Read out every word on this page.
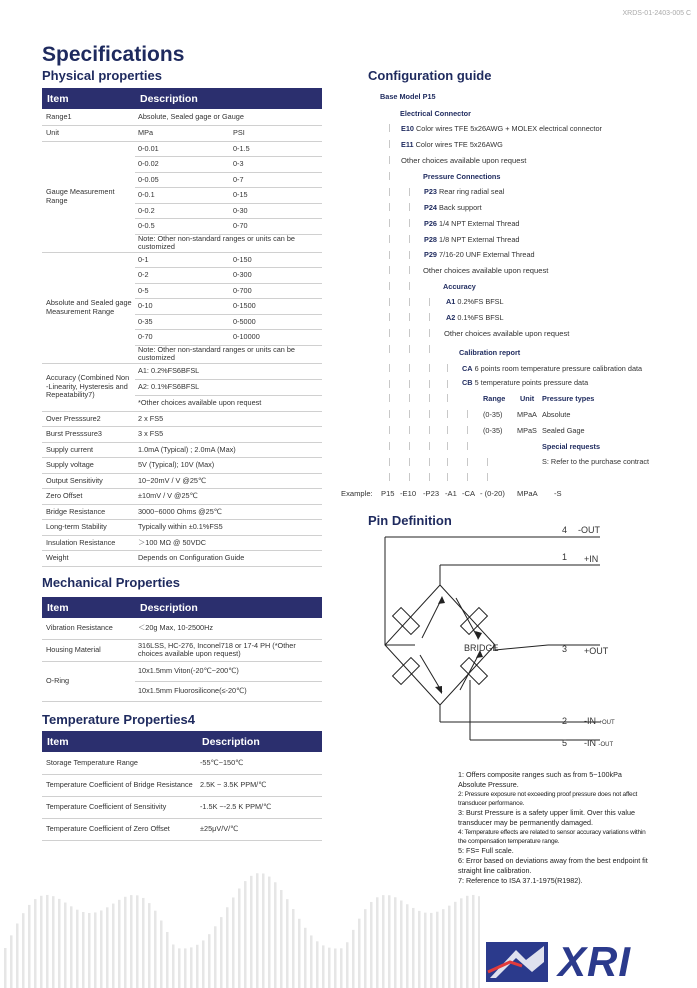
XRDS-01-2403-005 C
Specifications
Physical properties
Item	Description	
Range1	Absolute, Sealed gage or Gauge	
Unit	MPa	PSI
Gauge Measurement Range	0-0.01	0-1.5
	0-0.02	0-3
	0-0.05	0-7
	0-0.1	0-15
	0-0.2	0-30
	0-0.5	0-70
	Note: Other non-standard ranges or units can be customized	
Absolute and Sealed gage Measurement Range	0-1	0-150
	0-2	0-300
	0-5	0-700
	0-10	0-1500
	0-35	0-5000
	0-70	0-10000
	Note: Other non-standard ranges or units can be customized	
Accuracy (Combined Non -Linearity, Hysteresis and Repeatability7)	A1: 0.2%FS6BFSL	
	A2: 0.1%FS6BFSL	
	*Other choices available upon request	
Over Presssure2	2 x FS5	
Burst Presssure3	3 x FS5	
Supply current	1.0mA (Typical) ; 2.0mA (Max)	
Supply voltage	5V (Typical); 10V (Max)	
Output Sensitivity	10~20mV / V @25℃	
Zero Offset	±10mV / V @25℃	
Bridge Resistance	3000~6000 Ohms @25℃	
Long-term Stability	Typically within ±0.1%FS5	
Insulation Resistance	＞100 MΩ @ 50VDC	
Weight	Depends on Configuration Guide	
Mechanical Properties
Item	Description
Vibration Resistance	＜20g Max, 10-2500Hz
Housing Material	316LSS, HC-276, Inconel718 or 17-4 PH (*Other choices available upon request)
O-Ring	10x1.5mm Viton(-20℃~200℃)
	10x1.5mm Fluorosilicone(≤-20℃)
Temperature Properties4
Item	Description
Storage Temperature Range	-55℃~150℃
Temperature Coefficient of Bridge Resistance	2.5K ~ 3.5K PPM/℃
Temperature Coefficient of Sensitivity	-1.5K ~-2.5 K PPM/℃
Temperature Coefficient of Zero Offset	±25μV/V/℃
Configuration guide
Base Model P15
Electrical Connector
E10 Color wires TFE 5x26AWG + MOLEX electrical connector
E11 Color wires TFE 5x26AWG
Other choices available upon request
Pressure Connections
P23 Rear ring radial seal
P24 Back support
P26 1/4 NPT External Thread
P28 1/8 NPT External Thread
P29 7/16-20 UNF External Thread
Other choices available upon request
Accuracy
A1 0.2%FS BFSL
A2 0.1%FS BFSL
Other choices available upon request
Calibration report
CA 6 points room temperature pressure calibration data
CB 5 temperature points pressure data
Range Unit Pressure types
(0-35) MPaA Absolute
(0-35) MPaS Sealed Gage
Special requests
S: Refer to the purchase contract
Example: P15 -E10 -P23 -A1 -CA - (0-20) MPaA -S
Pin Definition
BRIDGE
4 -OUT
1 +IN
3 +OUT
2 -IN +OUT
5 -IN -OUT
1: Offers composite ranges such as from 5~100kPa Absolute Pressure.
2: Pressure exposure not exceeding proof pressure does not affect transducer performance.
3: Burst Pressure is a safety upper limit. Over this value transducer may be permanently damaged.
4: Temperature effects are related to sensor accuracy variations within the compensation temperature range.
5: FS= Full scale.
6: Error based on deviations away from the best endpoint fit straight line calibration.
7: Reference to ISA 37.1-1975(R1982).
XRI
